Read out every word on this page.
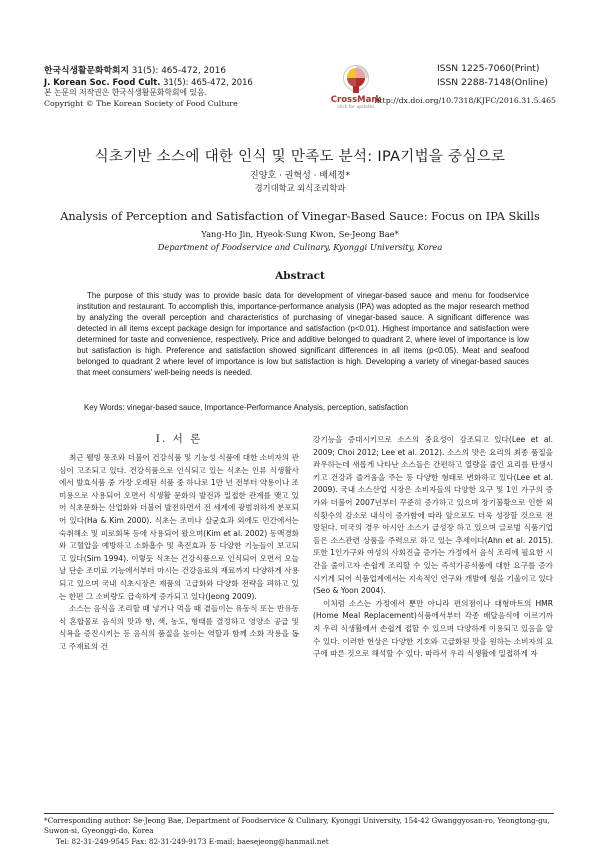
한국식생활문화학회지 31(5): 465-472, 2016
J. Korean Soc. Food Cult. 31(5): 465-472, 2016
본 논문의 저작권은 한국식생활문화학회에 있음.
Copyright © The Korean Society of Food Culture	CrossMark
click for updates
ISSN 1225-7060(Print)
ISSN 2288-7148(Online)
http://dx.doi.org/10.7318/KJFC/2016.31.5.465
식초기반 소스에 대한 인식 및 만족도 분석: IPA기법을 중심으로
진양호 · 권혁성 · 배세정*
경기대학교 외식조리학과
Analysis of Perception and Satisfaction of Vinegar-Based Sauce: Focus on IPA Skills
Yang-Ho Jin, Hyeok-Sung Kwon, Se-Jeong Bae*
Department of Foodservice and Culinary, Kyonggi University, Korea
Abstract
The purpose of this study was to provide basic data for development of vinegar-based sauce and menu for foodservice institution and restaurant. To accomplish this, importance-performance analysis (IPA) was adopted as the major research method by analyzing the overall perception and characteristics of purchasing of vinegar-based sauce. A significant difference was detected in all items except package design for importance and satisfaction (p<0.01). Highest importance and satisfaction were determined for taste and convenience, respectively. Price and additive belonged to quadrant 2, where level of importance is low but satisfaction is high. Preference and satisfaction showed significant differences in all items (p<0.05). Meat and seafood belonged to quadrant 2 where level of importance is low but satisfaction is high. Developing a variety of vinegar-based sauces that meet consumers' well-being needs is needed.
Key Words: vinegar-based sauce, Importance-Performance Analysis, perception, satisfaction
Ⅰ. 서 론

최근 웰빙 풍조와 더불어 건강식품 및 기능성 식품에 대한 소비자의 관심이 고조되고 있다. 건강식품으로 인식되고 있는 식초는 인류 식생활사에서 발효식품 중 가장 오래된 식품 중 하나로 1만 년 전부터 약용이나 조미용으로 사용되어 오면서 식생활 문화의 발전과 밀접한 관계를 맺고 있어 식초문화는 산업화와 더불어 발전하면서 전 세계에 광범위하게 분포되어 있다(Ha & Kim 2000). 식초는 조미나 살균효과 외에도 민간에서는 숙취해소 및 피로회복 등에 사용되어 왔으며(Kim et al. 2002) 동맥경화와 고혈압을 예방하고 소화흡수 및 촉진효과 등 다양한 기능들이 보고되고 있다(Sim 1994). 이렇듯 식초는 건강식품으로 인식되어 오면서 오늘날 단순 조미료 기능에서부터 마시는 건강음료의 재료까지 다양하게 사용되고 있으며 국내 식초시장은 제품의 고급화와 다양화 전략을 펴하고 있는 한편 그 소비량도 급속하게 증가되고 있다(Jeong 2009).

소스는 음식을 조리할 때 넣거나 먹을 때 곁들이는 유동식 또는 반유동식 혼합물로 음식의 맛과 향, 색, 농도, 형태를 결정하고 영양소 공급 및 식욕을 증진시키는 등 음식의 품질을 높이는 역할과 함께 소화 작용을 돕고 주재료의 건

강기능을 증대시키므로 소스의 중요성이 강조되고 있다(Lee et al. 2009; Choi 2012; Lee et al. 2012). 소스의 맛은 요리의 최종 품질을 좌우하는데 새롭게 나타난 소스들은 간편하고 열량을 줄인 요리를 탄생시키고 건강과 즐거움을 주는 등 다양한 형태로 변화하고 있다(Lee et al. 2009). 국내 소스산업 시장은 소비자들의 다양한 요구 및 1인 가구의 증가와 더불어 2007년부터 꾸준히 증가하고 있으며 장기불황으로 인한 외식횟수의 감소로 내식이 증가함에 따라 앞으로도 더욱 성장할 것으로 전망된다. 미국의 경우 아시안 소스가 급성장 하고 있으며 글로벌 식품기업들은 소스관련 상품을 주력으로 하고 있는 추세이다(Ahn et al. 2015). 또한 1인가구와 여성의 사회진출 증가는 가정에서 음식 조리에 필요한 시간을 줄이고자 손쉽게 조리할 수 있는 즉석가공식품에 대한 요구를 증가시키게 되어 식품업계에서는 지속적인 연구와 개발에 힘을 기울이고 있다(Seo & Yoon 2004).

이처럼 소스는 가정에서 뿐만 아니라 편의점이나 대형마트의 HMR (Home Meal Replacement)식품에서부터 각종 배달음식에 이르기까지 우리 식생활에서 손쉽게 접할 수 있으며 다양하게 이용되고 있음을 알 수 있다. 이러한 현상은 다양한 기호와 고급화된 맛을 원하는 소비자의 요구에 따른 것으로 해석할 수 있다. 따라서 우리 식생활에 밀접하게 자

*Corresponding author: Se-Jeong Bae, Department of Foodservice & Culinary, Kyonggi University, 154-42 Gwanggyosan-ro, Yeongtong-gu, Suwon-si, Gyeonggi-do, Korea
Tel: 82-31-249-9545 Fax: 82-31-249-9173 E-mail: baesejeong@hanmail.net
